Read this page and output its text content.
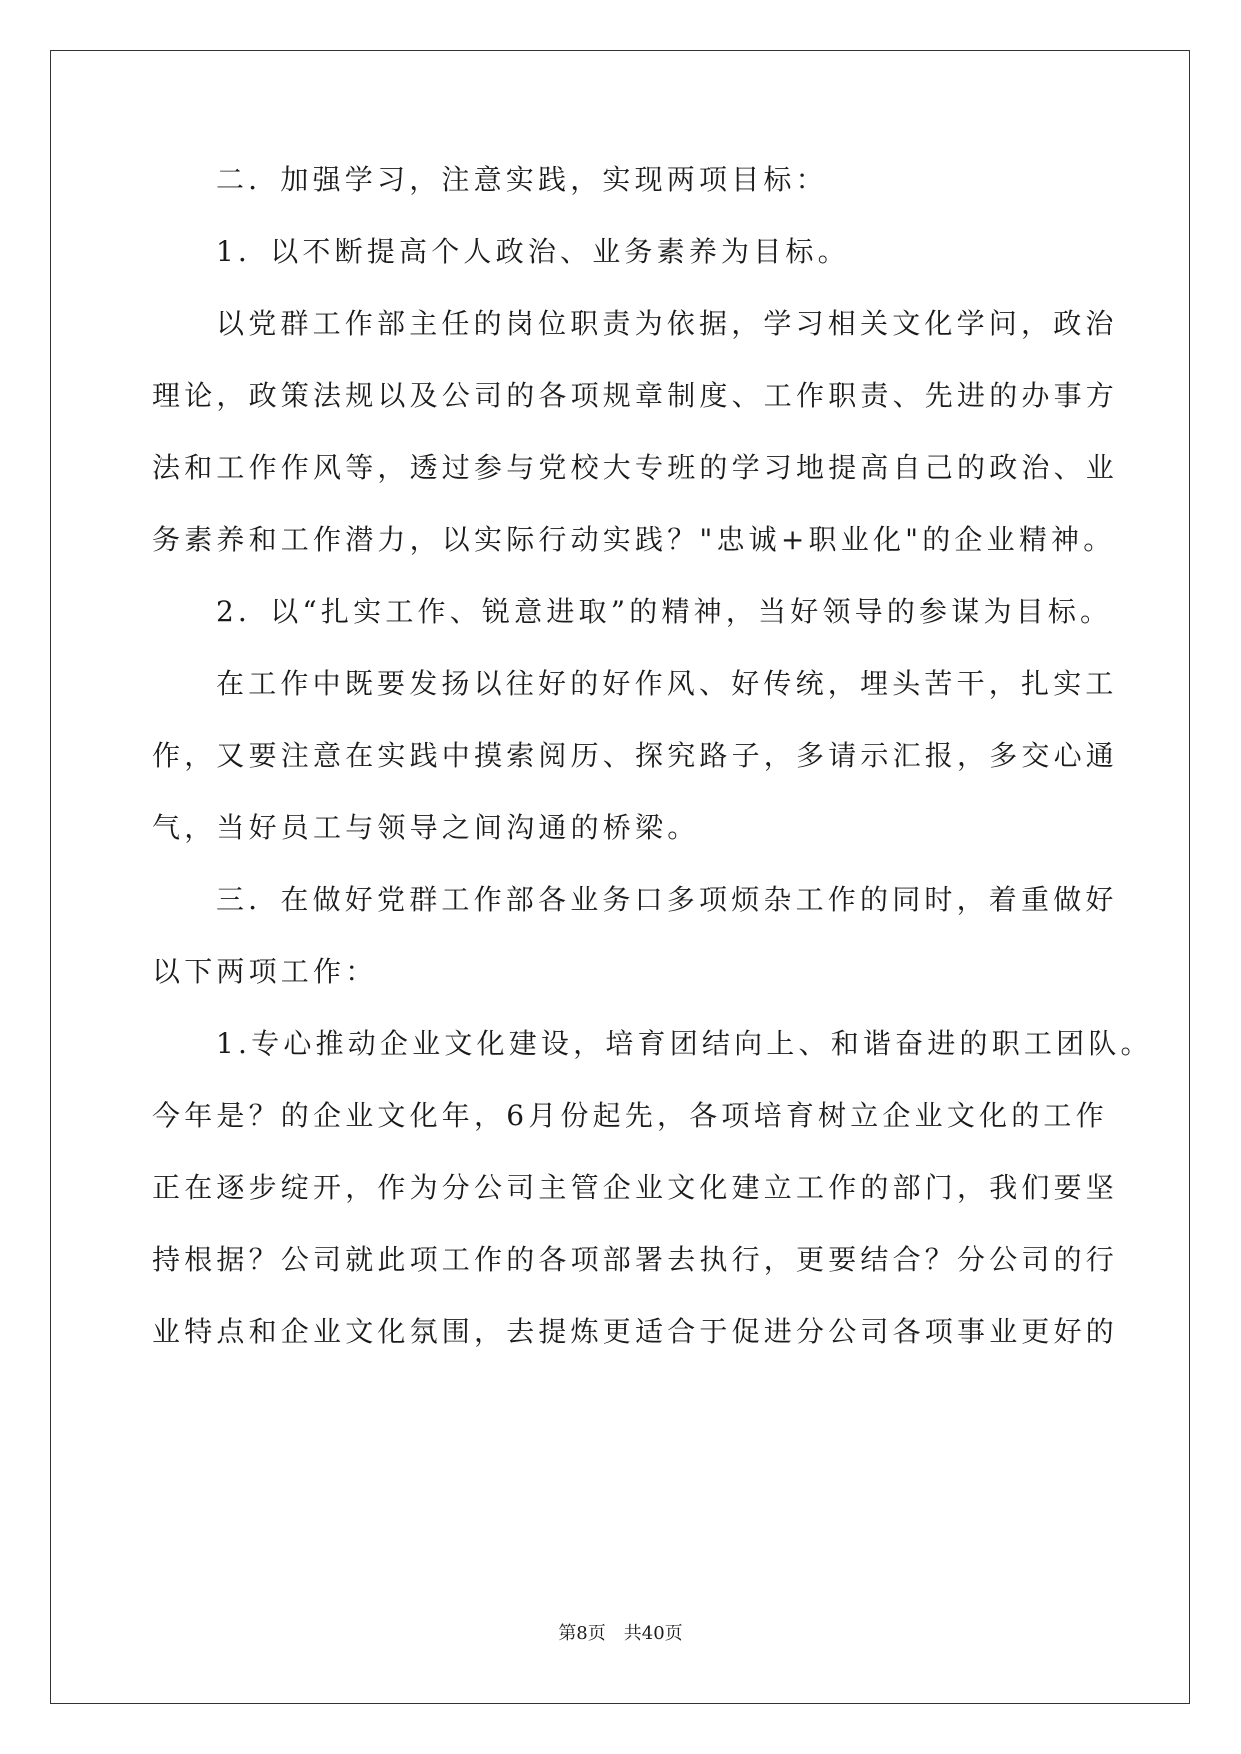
二．加强学习，注意实践，实现两项目标：
1．以不断提高个人政治、业务素养为目标。
以党群工作部主任的岗位职责为依据，学习相关文化学问，政治
理论，政策法规以及公司的各项规章制度、工作职责、先进的办事方
法和工作作风等，透过参与党校大专班的学习地提高自己的政治、业
务素养和工作潜力，以实际行动实践？"忠诚+职业化"的企业精神。
2．以“扎实工作、锐意进取”的精神，当好领导的参谋为目标。
在工作中既要发扬以往好的好作风、好传统，埋头苦干，扎实工
作，又要注意在实践中摸索阅历、探究路子，多请示汇报，多交心通
气，当好员工与领导之间沟通的桥梁。
三．在做好党群工作部各业务口多项烦杂工作的同时，着重做好
以下两项工作：
1.专心推动企业文化建设，培育团结向上、和谐奋进的职工团队。
今年是？的企业文化年，6月份起先，各项培育树立企业文化的工作
正在逐步绽开，作为分公司主管企业文化建立工作的部门，我们要坚
持根据？公司就此项工作的各项部署去执行，更要结合？分公司的行
业特点和企业文化氛围，去提炼更适合于促进分公司各项事业更好的
第8页　共40页
